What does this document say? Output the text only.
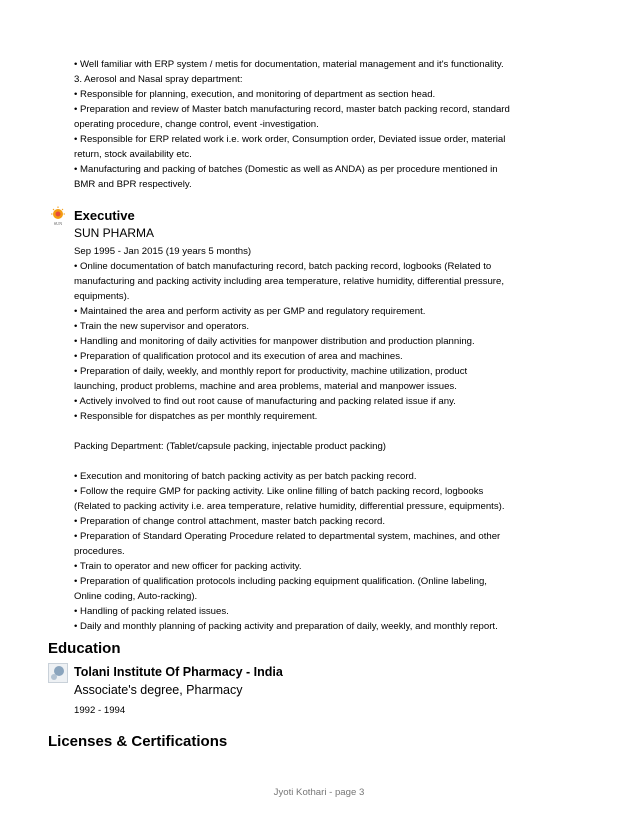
• Well familiar with ERP system / metis for documentation, material management and it's functionality.
3. Aerosol and Nasal spray department:
• Responsible for planning, execution, and monitoring of department as section head.
• Preparation and review of Master batch manufacturing record, master batch packing record, standard
operating procedure, change control, event -investigation.
• Responsible for ERP related work i.e. work order, Consumption order, Deviated issue order, material
return, stock availability etc.
• Manufacturing and packing of batches (Domestic as well as ANDA) as per procedure mentioned in
BMR and BPR respectively.
SUN
Executive
SUN PHARMA
Sep 1995 - Jan 2015 (19 years 5 months)
• Online documentation of batch manufacturing record, batch packing record, logbooks (Related to
manufacturing and packing activity including area temperature, relative humidity, differential pressure,
equipments).
• Maintained the area and perform activity as per GMP and regulatory requirement.
• Train the new supervisor and operators.
• Handling and monitoring of daily activities for manpower distribution and production planning.
• Preparation of qualification protocol and its execution of area and machines.
• Preparation of daily, weekly, and monthly report for productivity, machine utilization, product
launching, product problems, machine and area problems, material and manpower issues.
• Actively involved to find out root cause of manufacturing and packing related issue if any.
• Responsible for dispatches as per monthly requirement.
Packing Department: (Tablet/capsule packing, injectable product packing)
• Execution and monitoring of batch packing activity as per batch packing record.
• Follow the require GMP for packing activity. Like online filling of batch packing record, logbooks
(Related to packing activity i.e. area temperature, relative humidity, differential pressure, equipments).
• Preparation of change control attachment, master batch packing record.
• Preparation of Standard Operating Procedure related to departmental system, machines, and other
procedures.
• Train to operator and new officer for packing activity.
• Preparation of qualification protocols including packing equipment qualification. (Online labeling,
Online coding, Auto-racking).
• Handling of packing related issues.
• Daily and monthly planning of packing activity and preparation of daily, weekly, and monthly report.
Education
Tolani Institute Of Pharmacy - India
Associate's degree, Pharmacy
1992 - 1994
Licenses & Certifications
Jyoti Kothari - page 3
